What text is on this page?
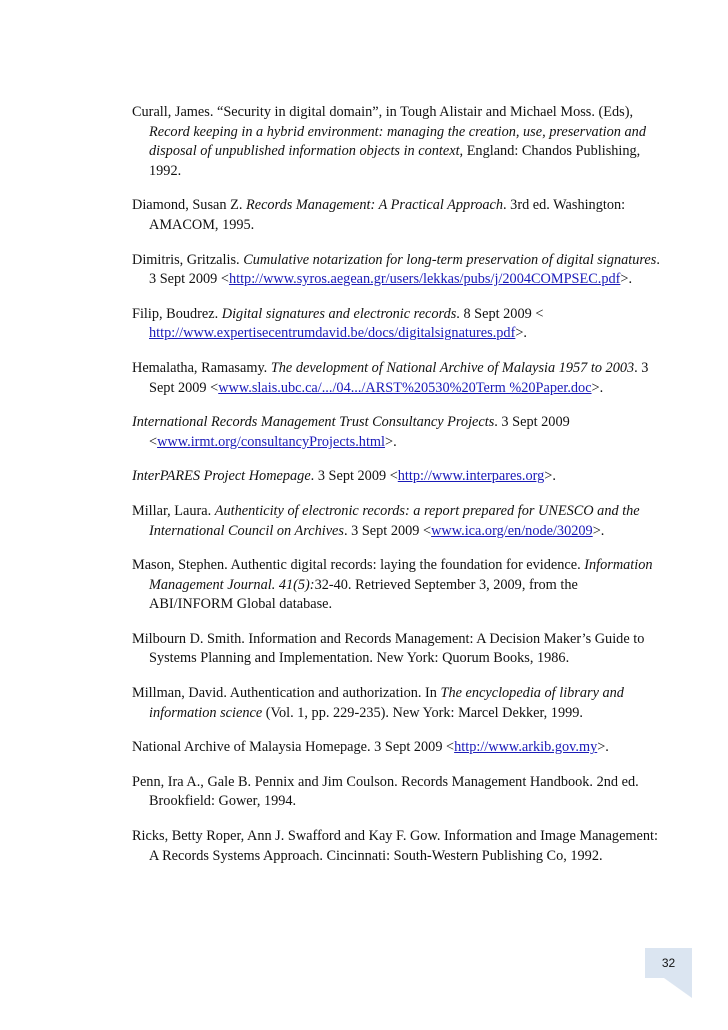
Curall, James. “Security in digital domain”, in Tough Alistair and Michael Moss. (Eds), Record keeping in a hybrid environment: managing the creation, use, preservation and disposal of unpublished information objects in context, England: Chandos Publishing, 1992.

Diamond, Susan Z. Records Management: A Practical Approach. 3rd ed. Washington: AMACOM, 1995.

Dimitris, Gritzalis. Cumulative notarization for long-term preservation of digital signatures. 3 Sept 2009 <http://www.syros.aegean.gr/users/lekkas/pubs/j/2004COMPSEC.pdf>.

Filip, Boudrez. Digital signatures and electronic records. 8 Sept 2009 < http://www.expertisecentrumdavid.be/docs/digitalsignatures.pdf>.

Hemalatha, Ramasamy. The development of National Archive of Malaysia 1957 to 2003. 3 Sept 2009 <www.slais.ubc.ca/.../04.../ARST%20530%20Term %20Paper.doc>.

International Records Management Trust Consultancy Projects. 3 Sept 2009 <www.irmt.org/consultancyProjects.html>.

InterPARES Project Homepage. 3 Sept 2009 <http://www.interpares.org>.

Millar, Laura. Authenticity of electronic records: a report prepared for UNESCO and the International Council on Archives. 3 Sept 2009 <www.ica.org/en/node/30209>.

Mason, Stephen. Authentic digital records: laying the foundation for evidence. Information Management Journal. 41(5):32-40. Retrieved September 3, 2009, from the ABI/INFORM Global database.

Milbourn D. Smith. Information and Records Management: A Decision Maker’s Guide to Systems Planning and Implementation. New York: Quorum Books, 1986.

Millman, David. Authentication and authorization. In The encyclopedia of library and information science (Vol. 1, pp. 229-235). New York: Marcel Dekker, 1999.

National Archive of Malaysia Homepage. 3 Sept 2009 <http://www.arkib.gov.my>.

Penn, Ira A., Gale B. Pennix and Jim Coulson. Records Management Handbook. 2nd ed. Brookfield: Gower, 1994.

Ricks, Betty Roper, Ann J. Swafford and Kay F. Gow. Information and Image Management: A Records Systems Approach. Cincinnati: South-Western Publishing Co, 1992.

32
